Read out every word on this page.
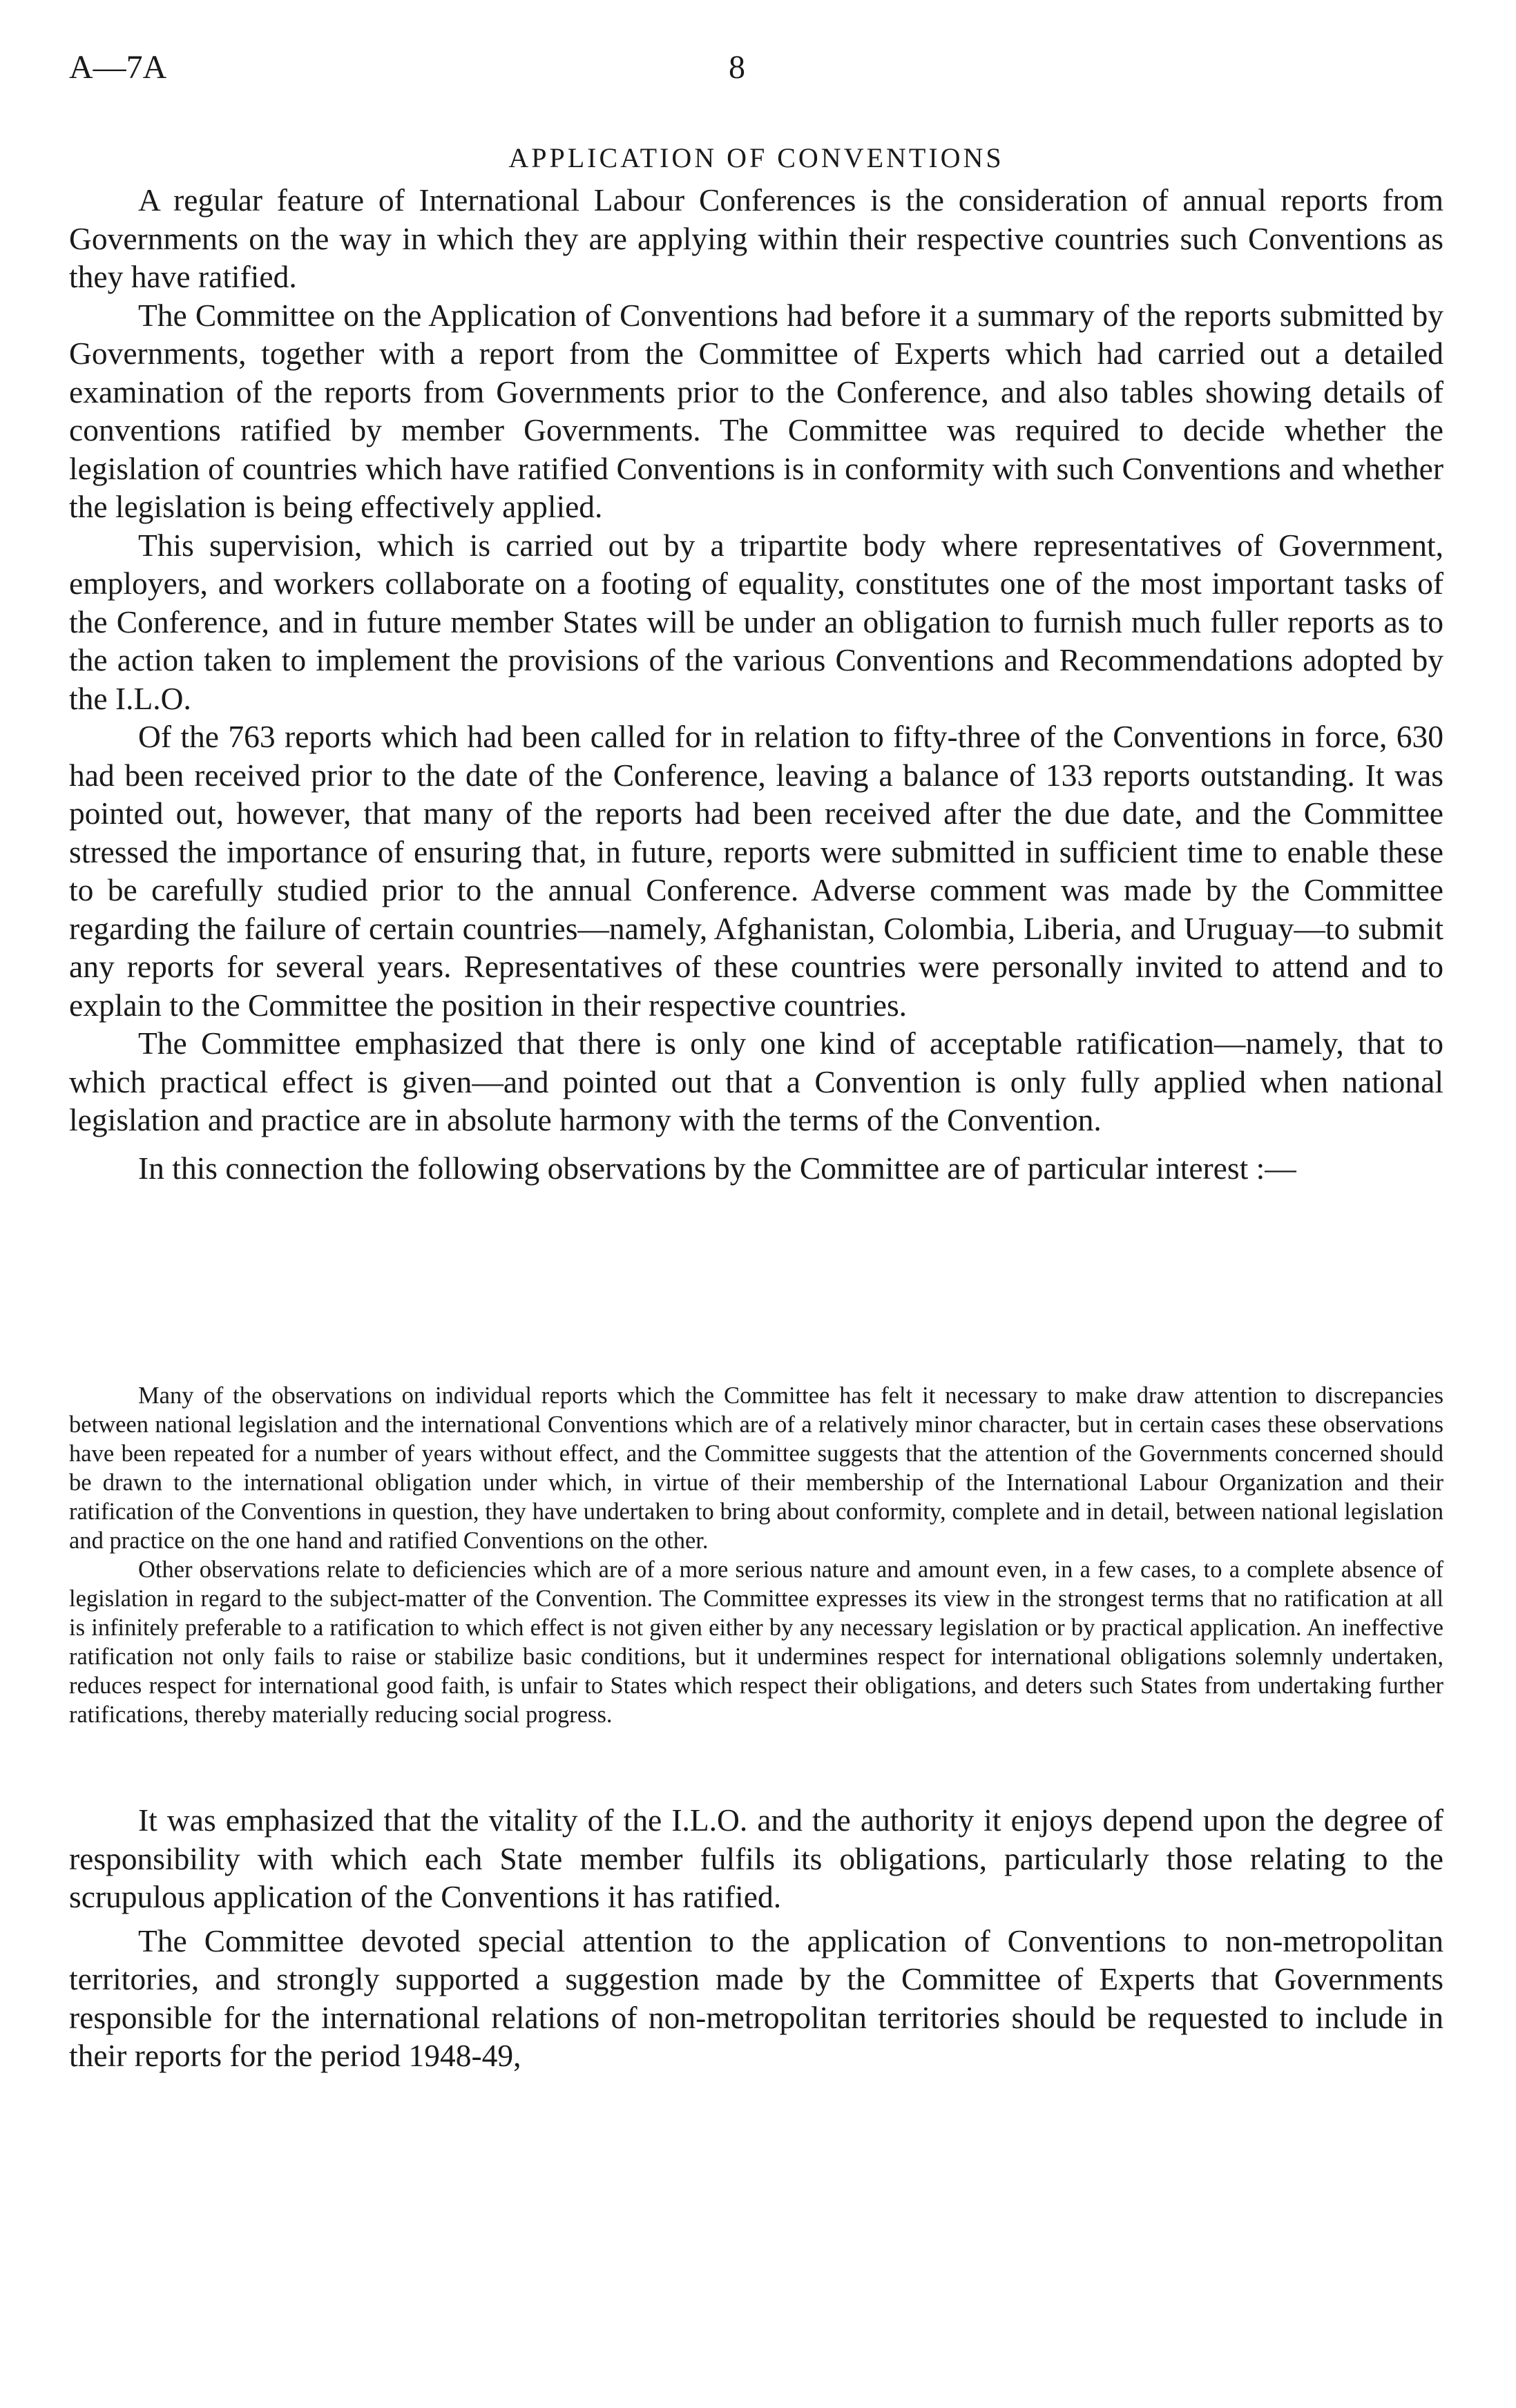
A—7A	8
APPLICATION OF CONVENTIONS

A regular feature of International Labour Conferences is the consideration of annual reports from Governments on the way in which they are applying within their respective countries such Conventions as they have ratified.

The Committee on the Application of Conventions had before it a summary of the reports submitted by Governments, together with a report from the Committee of Experts which had carried out a detailed examination of the reports from Governments prior to the Conference, and also tables showing details of conventions ratified by member Governments. The Committee was required to decide whether the legislation of countries which have ratified Conventions is in conformity with such Conventions and whether the legislation is being effectively applied.

This supervision, which is carried out by a tripartite body where representatives of Government, employers, and workers collaborate on a footing of equality, constitutes one of the most important tasks of the Conference, and in future member States will be under an obligation to furnish much fuller reports as to the action taken to implement the provisions of the various Conventions and Recommendations adopted by the I.L.O.

Of the 763 reports which had been called for in relation to fifty-three of the Conventions in force, 630 had been received prior to the date of the Conference, leaving a balance of 133 reports outstanding. It was pointed out, however, that many of the reports had been received after the due date, and the Committee stressed the importance of ensuring that, in future, reports were submitted in sufficient time to enable these to be carefully studied prior to the annual Conference. Adverse comment was made by the Committee regarding the failure of certain countries—namely, Afghanistan, Colombia, Liberia, and Uruguay—to submit any reports for several years. Representatives of these countries were personally invited to attend and to explain to the Committee the position in their respective countries.

The Committee emphasized that there is only one kind of acceptable ratification—namely, that to which practical effect is given—and pointed out that a Convention is only fully applied when national legislation and practice are in absolute harmony with the terms of the Convention.

In this connection the following observations by the Committee are of particular interest :—

Many of the observations on individual reports which the Committee has felt it necessary to make draw attention to discrepancies between national legislation and the international Conventions which are of a relatively minor character, but in certain cases these observations have been repeated for a number of years without effect, and the Committee suggests that the attention of the Governments concerned should be drawn to the international obligation under which, in virtue of their membership of the International Labour Organization and their ratification of the Conventions in question, they have undertaken to bring about conformity, complete and in detail, between national legislation and practice on the one hand and ratified Conventions on the other.

Other observations relate to deficiencies which are of a more serious nature and amount even, in a few cases, to a complete absence of legislation in regard to the subject-matter of the Convention. The Committee expresses its view in the strongest terms that no ratification at all is infinitely preferable to a ratification to which effect is not given either by any necessary legislation or by practical application. An ineffective ratification not only fails to raise or stabilize basic conditions, but it undermines respect for international obligations solemnly undertaken, reduces respect for international good faith, is unfair to States which respect their obligations, and deters such States from undertaking further ratifications, thereby materially reducing social progress.

It was emphasized that the vitality of the I.L.O. and the authority it enjoys depend upon the degree of responsibility with which each State member fulfils its obligations, particularly those relating to the scrupulous application of the Conventions it has ratified.

The Committee devoted special attention to the application of Conventions to non-metropolitan territories, and strongly supported a suggestion made by the Committee of Experts that Governments responsible for the international relations of non-metropolitan territories should be requested to include in their reports for the period 1948-49,
